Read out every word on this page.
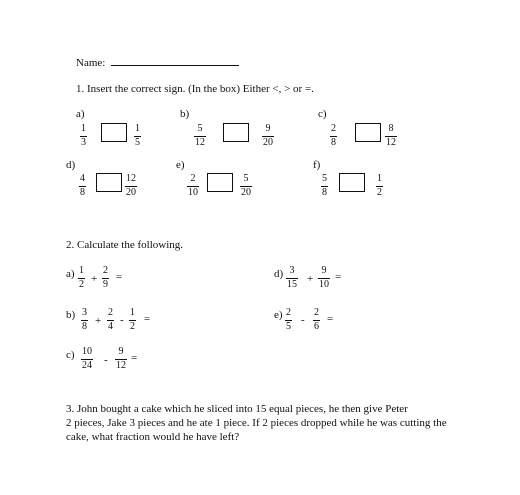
Name:
1. Insert the correct sign. (In the box) Either <, > or =.
a)
1
3
1
5
b)
5
12
9
20
c)
2
8
8
12
d)
4
8
12
20
e)
2
10
5
20
f)
5
8
1
2
2. Calculate the following.
a) 1
2 +
2
9
=
b) 3
8 +
2
4
-
1
2
=
c) 10
24 -
9
12
=
d) 3
15 +
9
10
=
e) 2
5
-
2
6
=
3. John bought a cake which he sliced into 15 equal pieces, he then give Peter
2 pieces, Jake 3 pieces and he ate 1 piece. If 2 pieces dropped while he was cutting the
cake, what fraction would he have left?
